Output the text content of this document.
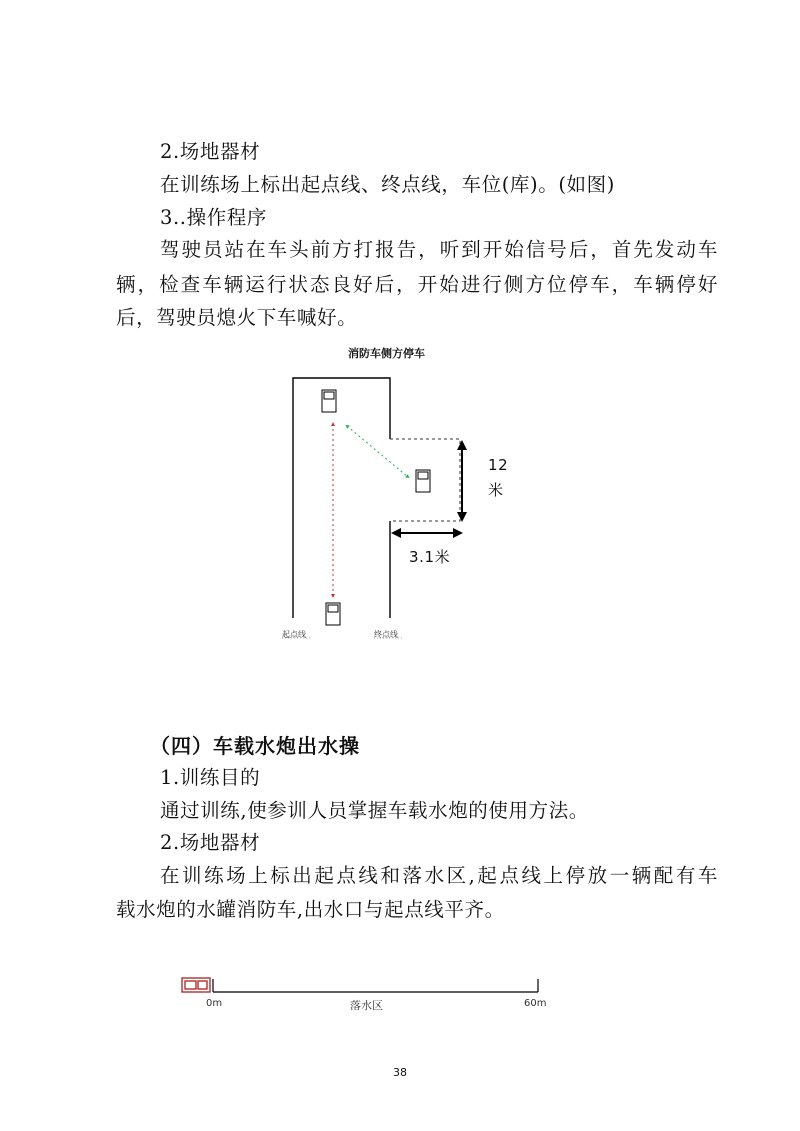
2.场地器材
在训练场上标出起点线、终点线，车位(库)。(如图)
3..操作程序
驾驶员站在车头前方打报告，听到开始信号后，首先发动车
辆，检查车辆运行状态良好后，开始进行侧方位停车，车辆停好
后，驾驶员熄火下车喊好。
消防车侧方停车
12
米
3.1米
起点线	终点线
（四）车载水炮出水操
1.训练目的
通过训练,使参训人员掌握车载水炮的使用方法。
2.场地器材
在训练场上标出起点线和落水区,起点线上停放一辆配有车
载水炮的水罐消防车,出水口与起点线平齐。
0m	落水区	60m
38
